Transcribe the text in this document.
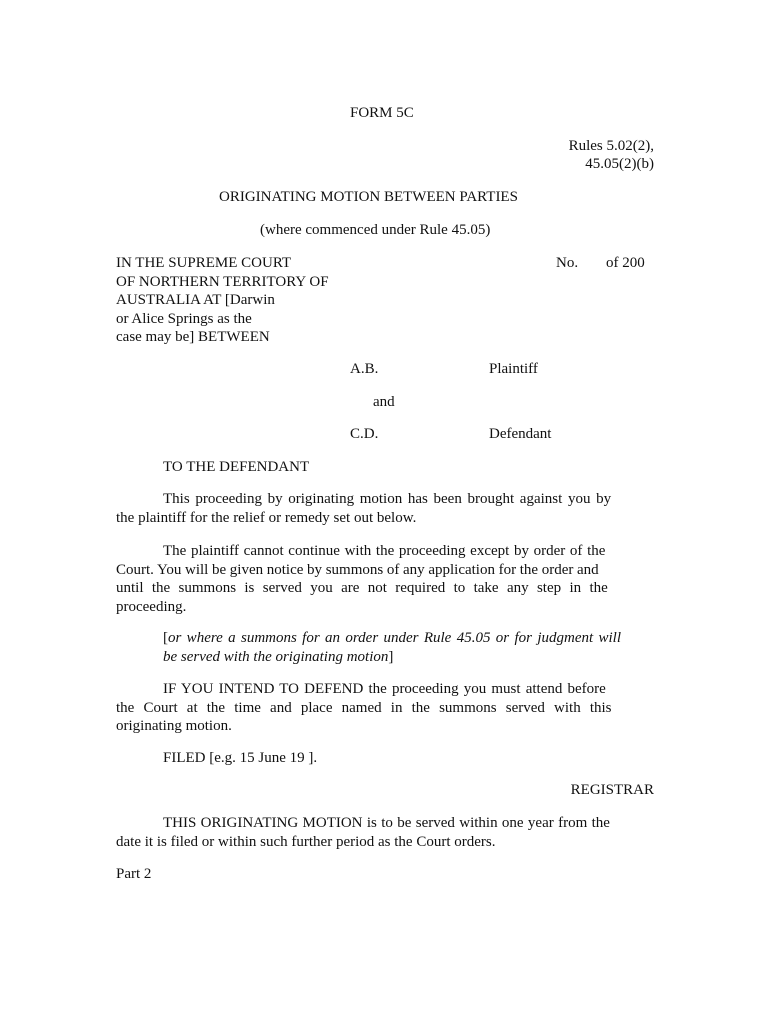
FORM 5C
Rules 5.02(2),
45.05(2)(b)
ORIGINATING MOTION BETWEEN PARTIES
(where commenced under Rule 45.05)
IN THE SUPREME COURT
OF NORTHERN TERRITORY OF
AUSTRALIA AT [Darwin
or Alice Springs as the
case may be] BETWEEN
No. of 200
A.B.	Plaintiff
and
C.D.	Defendant
TO THE DEFENDANT
This proceeding by originating motion has been brought against you by
the plaintiff for the relief or remedy set out below.
The plaintiff cannot continue with the proceeding except by order of the
Court. You will be given notice by summons of any application for the order and
until the summons is served you are not required to take any step in the
proceeding.
[or where a summons for an order under Rule 45.05 or for judgment will
be served with the originating motion]
IF YOU INTEND TO DEFEND the proceeding you must attend before
the Court at the time and place named in the summons served with this
originating motion.
FILED [e.g. 15 June 19 ].
REGISTRAR
THIS ORIGINATING MOTION is to be served within one year from the
date it is filed or within such further period as the Court orders.
Part 2
